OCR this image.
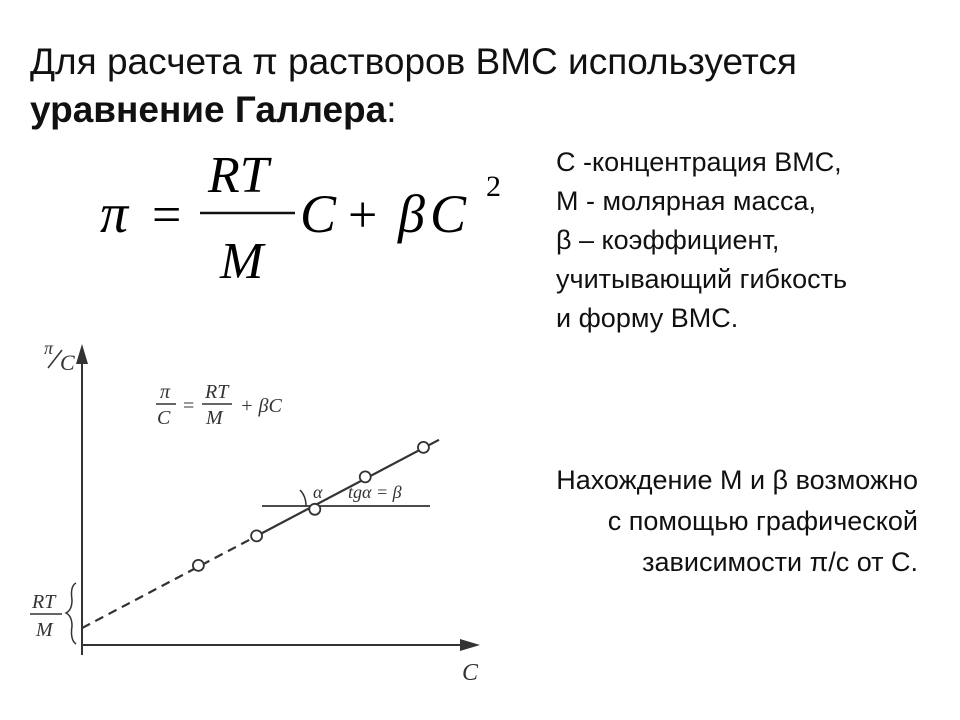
Для расчета π растворов ВМС используется
уравнение Галлера:
π =
RT
M
C + β C 2
С -концентрация ВМС,
М - молярная масса,
β – коэффициент,
учитывающий гибкость
и форму ВМС.
π
C
C
π
C
=
RT
M
+ βC
RT
M
α tgα = β	Нахождение М и β возможно
с помощью графической
зависимости π/с от С.
